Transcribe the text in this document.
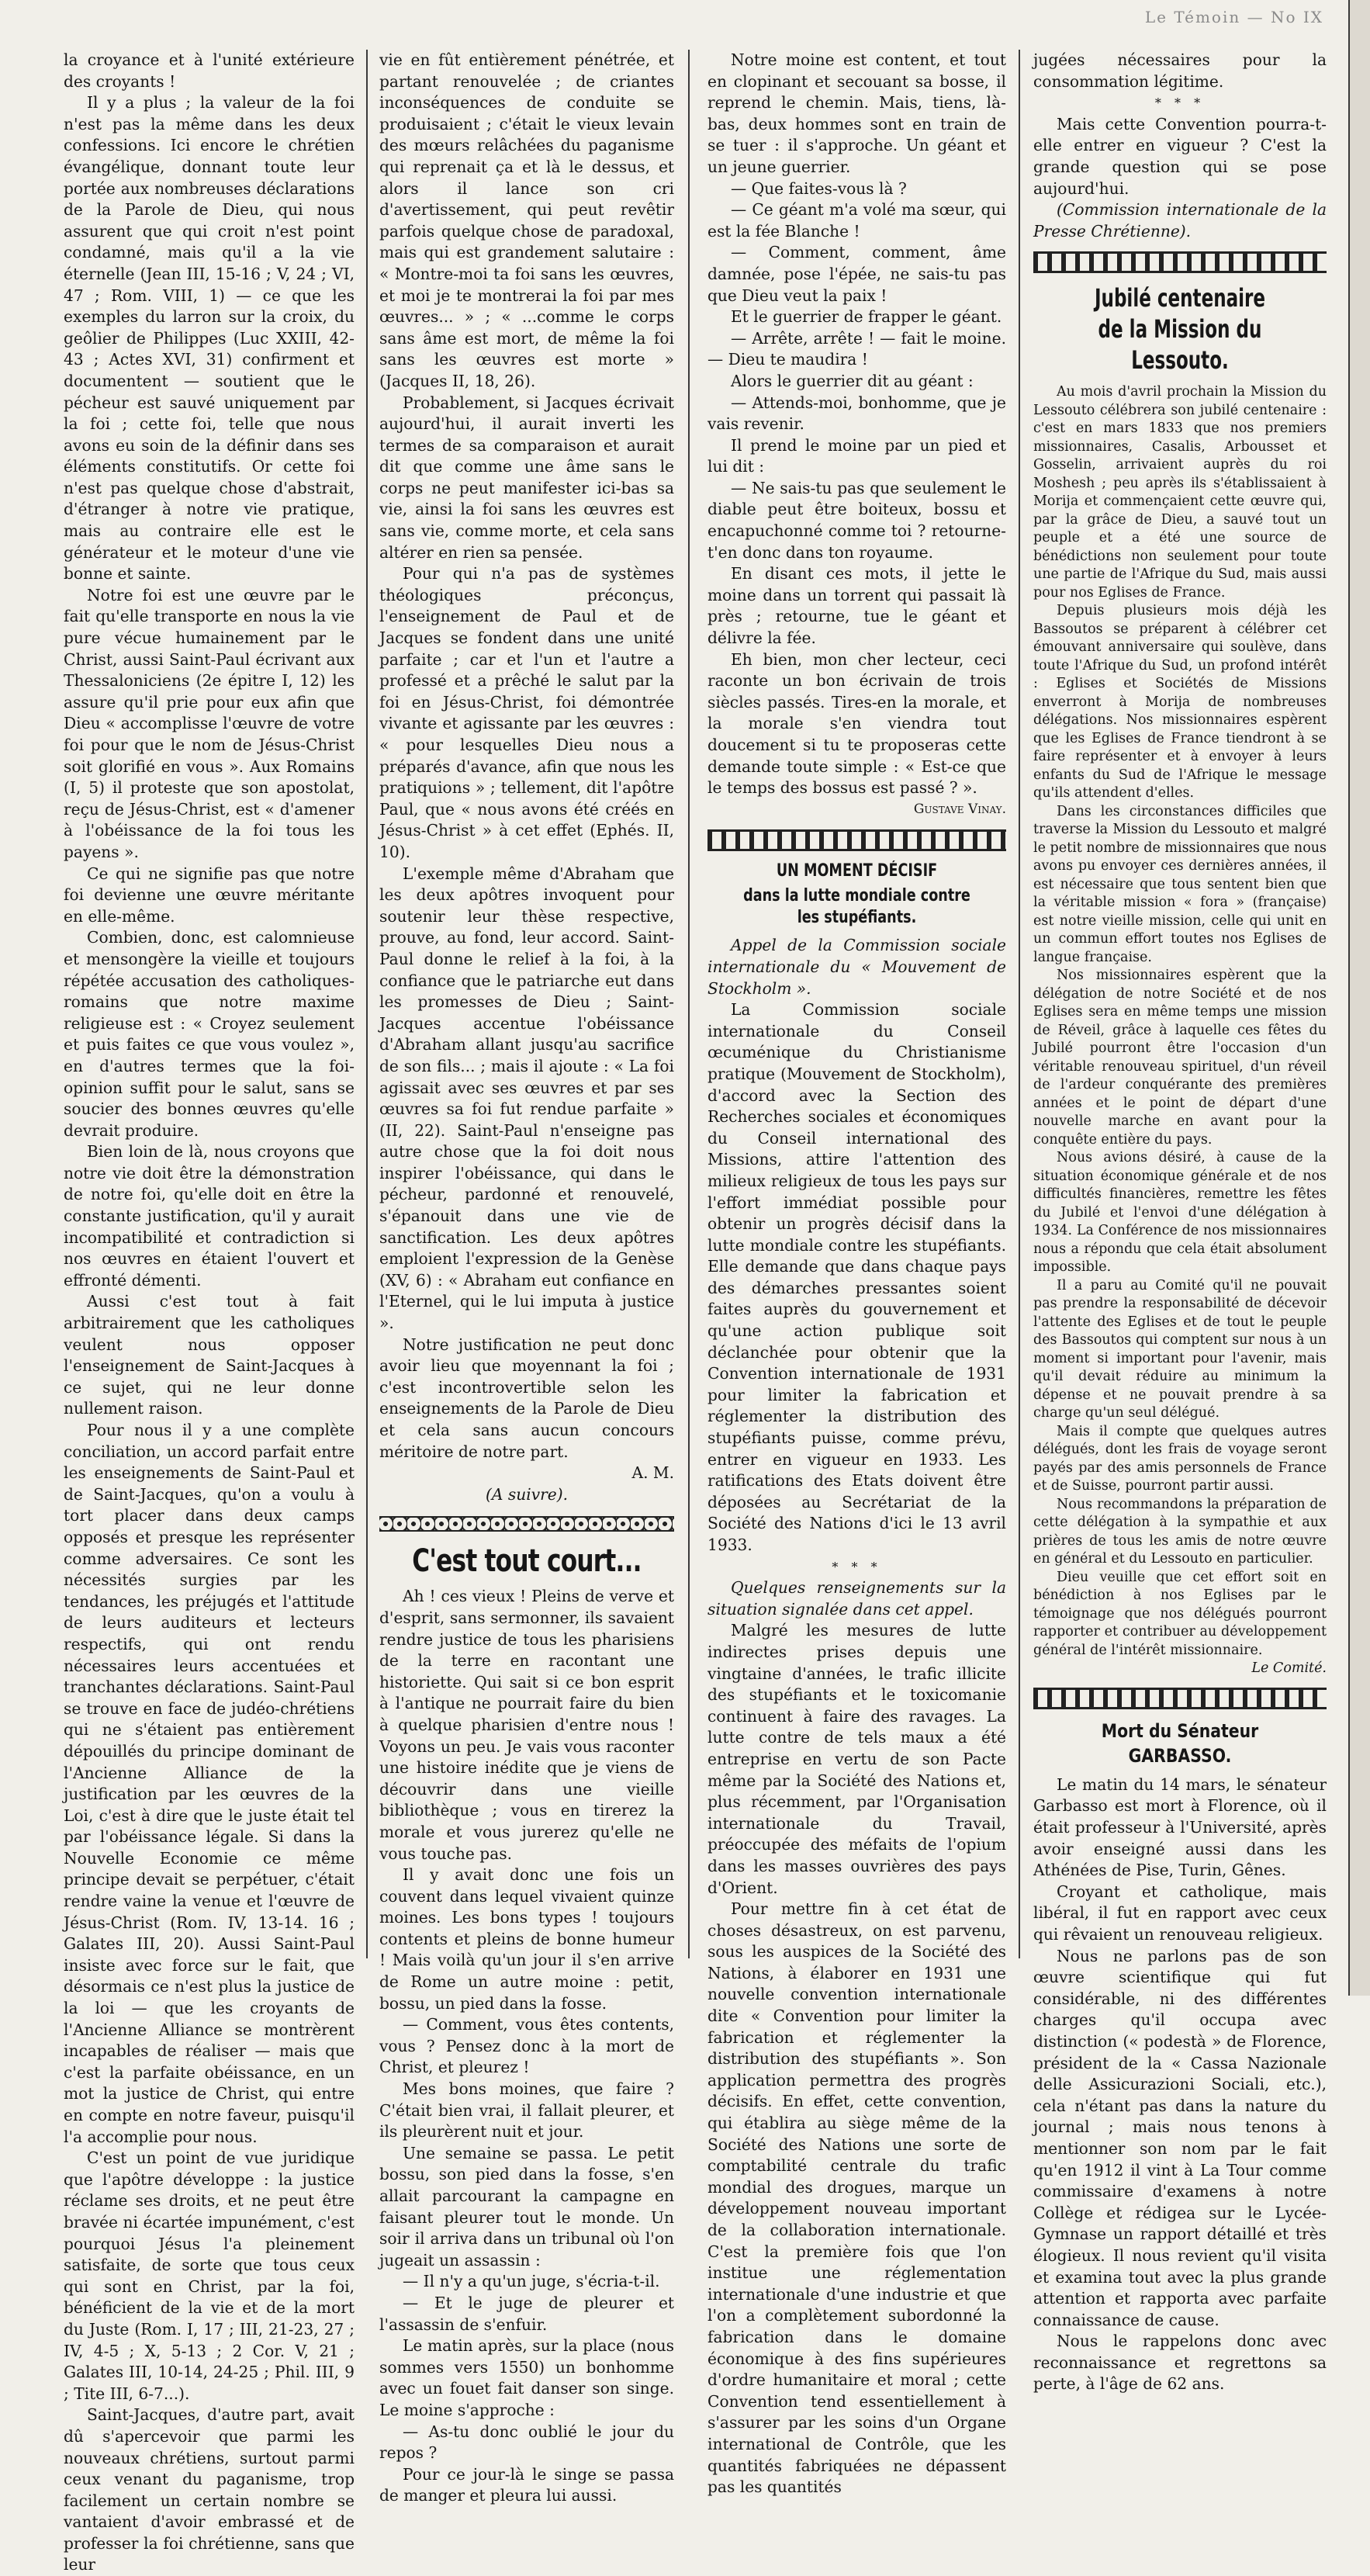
Le Témoin — No IX

la croyance et à l'unité extérieure des croyants !

Il y a plus ; la valeur de la foi n'est pas la même dans les deux confessions. Ici encore le chrétien évangélique, donnant toute leur portée aux nombreuses déclarations de la Parole de Dieu, qui nous assurent que qui croit n'est point condamné, mais qu'il a la vie éternelle (Jean III, 15-16 ; V, 24 ; VI, 47 ; Rom. VIII, 1) — ce que les exemples du larron sur la croix, du geôlier de Philippes (Luc XXIII, 42-43 ; Actes XVI, 31) confirment et documentent — soutient que le pécheur est sauvé uniquement par la foi ; cette foi, telle que nous avons eu soin de la définir dans ses éléments constitutifs. Or cette foi n'est pas quelque chose d'abstrait, d'étranger à notre vie pratique, mais au contraire elle est le générateur et le moteur d'une vie bonne et sainte.

Notre foi est une œuvre par le fait qu'elle transporte en nous la vie pure vécue humainement par le Christ, aussi Saint-Paul écrivant aux Thessaloniciens (2e épitre I, 12) les assure qu'il prie pour eux afin que Dieu « accomplisse l'œuvre de votre foi pour que le nom de Jésus-Christ soit glorifié en vous ». Aux Romains (I, 5) il proteste que son apostolat, reçu de Jésus-Christ, est « d'amener à l'obéissance de la foi tous les payens ».

Ce qui ne signifie pas que notre foi devienne une œuvre méritante en elle-même.

Combien, donc, est calomnieuse et mensongère la vieille et toujours répétée accusation des catholiques-romains que notre maxime religieuse est : « Croyez seulement et puis faites ce que vous voulez », en d'autres termes que la foi-opinion suffit pour le salut, sans se soucier des bonnes œuvres qu'elle devrait produire.

Bien loin de là, nous croyons que notre vie doit être la démonstration de notre foi, qu'elle doit en être la constante justification, qu'il y aurait incompatibilité et contradiction si nos œuvres en étaient l'ouvert et effronté démenti.

Aussi c'est tout à fait arbitrairement que les catholiques veulent nous opposer l'enseignement de Saint-Jacques à ce sujet, qui ne leur donne nullement raison.

Pour nous il y a une complète conciliation, un accord parfait entre les enseignements de Saint-Paul et de Saint-Jacques, qu'on a voulu à tort placer dans deux camps opposés et presque les représenter comme adversaires. Ce sont les nécessités surgies par les tendances, les préjugés et l'attitude de leurs auditeurs et lecteurs respectifs, qui ont rendu nécessaires leurs accentuées et tranchantes déclarations. Saint-Paul se trouve en face de judéo-chrétiens qui ne s'étaient pas entièrement dépouillés du principe dominant de l'Ancienne Alliance de la justification par les œuvres de la Loi, c'est à dire que le juste était tel par l'obéissance légale. Si dans la Nouvelle Economie ce même principe devait se perpétuer, c'était rendre vaine la venue et l'œuvre de Jésus-Christ (Rom. IV, 13-14. 16 ; Galates III, 20). Aussi Saint-Paul insiste avec force sur le fait, que désormais ce n'est plus la justice de la loi — que les croyants de l'Ancienne Alliance se montrèrent incapables de réaliser — mais que c'est la parfaite obéissance, en un mot la justice de Christ, qui entre en compte en notre faveur, puisqu'il l'a accomplie pour nous.

C'est un point de vue juridique que l'apôtre développe : la justice réclame ses droits, et ne peut être bravée ni écartée impunément, c'est pourquoi Jésus l'a pleinement satisfaite, de sorte que tous ceux qui sont en Christ, par la foi, bénéficient de la vie et de la mort du Juste (Rom. I, 17 ; III, 21-23, 27 ; IV, 4-5 ; X, 5-13 ; 2 Cor. V, 21 ; Galates III, 10-14, 24-25 ; Phil. III, 9 ; Tite III, 6-7...).

Saint-Jacques, d'autre part, avait dû s'apercevoir que parmi les nouveaux chrétiens, surtout parmi ceux venant du paganisme, trop facilement un certain nombre se vantaient d'avoir embrassé et de professer la foi chrétienne, sans que leur

vie en fût entièrement pénétrée, et partant renouvelée ; de criantes inconséquences de conduite se produisaient ; c'était le vieux levain des mœurs relâchées du paganisme qui reprenait ça et là le dessus, et alors il lance son cri d'avertissement, qui peut revêtir parfois quelque chose de paradoxal, mais qui est grandement salutaire : « Montre-moi ta foi sans les œuvres, et moi je te montrerai la foi par mes œuvres... » ; « ...comme le corps sans âme est mort, de même la foi sans les œuvres est morte » (Jacques II, 18, 26).

Probablement, si Jacques écrivait aujourd'hui, il aurait inverti les termes de sa comparaison et aurait dit que comme une âme sans le corps ne peut manifester ici-bas sa vie, ainsi la foi sans les œuvres est sans vie, comme morte, et cela sans altérer en rien sa pensée.

Pour qui n'a pas de systèmes théologiques préconçus, l'enseignement de Paul et de Jacques se fondent dans une unité parfaite ; car et l'un et l'autre a professé et a prêché le salut par la foi en Jésus-Christ, foi démontrée vivante et agissante par les œuvres : « pour lesquelles Dieu nous a préparés d'avance, afin que nous les pratiquions » ; tellement, dit l'apôtre Paul, que « nous avons été créés en Jésus-Christ » à cet effet (Ephés. II, 10).

L'exemple même d'Abraham que les deux apôtres invoquent pour soutenir leur thèse respective, prouve, au fond, leur accord. Saint-Paul donne le relief à la foi, à la confiance que le patriarche eut dans les promesses de Dieu ; Saint-Jacques accentue l'obéissance d'Abraham allant jusqu'au sacrifice de son fils... ; mais il ajoute : « La foi agissait avec ses œuvres et par ses œuvres sa foi fut rendue parfaite » (II, 22). Saint-Paul n'enseigne pas autre chose que la foi doit nous inspirer l'obéissance, qui dans le pécheur, pardonné et renouvelé, s'épanouit dans une vie de sanctification. Les deux apôtres emploient l'expression de la Genèse (XV, 6) : « Abraham eut confiance en l'Eternel, qui le lui imputa à justice ».

Notre justification ne peut donc avoir lieu que moyennant la foi ; c'est incontrovertible selon les enseignements de la Parole de Dieu et cela sans aucun concours méritoire de notre part.

A. M.

(A suivre).

C'est tout court...

Ah ! ces vieux ! Pleins de verve et d'esprit, sans sermonner, ils savaient rendre justice de tous les pharisiens de la terre en racontant une historiette. Qui sait si ce bon esprit à l'antique ne pourrait faire du bien à quelque pharisien d'entre nous ! Voyons un peu. Je vais vous raconter une histoire inédite que je viens de découvrir dans une vieille bibliothèque ; vous en tirerez la morale et vous jurerez qu'elle ne vous touche pas.

Il y avait donc une fois un couvent dans lequel vivaient quinze moines. Les bons types ! toujours contents et pleins de bonne humeur ! Mais voilà qu'un jour il s'en arrive de Rome un autre moine : petit, bossu, un pied dans la fosse.

— Comment, vous êtes contents, vous ? Pensez donc à la mort de Christ, et pleurez !

Mes bons moines, que faire ? C'était bien vrai, il fallait pleurer, et ils pleurèrent nuit et jour.

Une semaine se passa. Le petit bossu, son pied dans la fosse, s'en allait parcourant la campagne en faisant pleurer tout le monde. Un soir il arriva dans un tribunal où l'on jugeait un assassin :

— Il n'y a qu'un juge, s'écria-t-il.

— Et le juge de pleurer et l'assassin de s'enfuir.

Le matin après, sur la place (nous sommes vers 1550) un bonhomme avec un fouet fait danser son singe. Le moine s'approche :

— As-tu donc oublié le jour du repos ?

Pour ce jour-là le singe se passa de manger et pleura lui aussi.

Notre moine est content, et tout en clopinant et secouant sa bosse, il reprend le chemin. Mais, tiens, là-bas, deux hommes sont en train de se tuer : il s'approche. Un géant et un jeune guerrier.

— Que faites-vous là ?

— Ce géant m'a volé ma sœur, qui est la fée Blanche !

— Comment, comment, âme damnée, pose l'épée, ne sais-tu pas que Dieu veut la paix !

Et le guerrier de frapper le géant.

— Arrête, arrête ! — fait le moine. — Dieu te maudira !

Alors le guerrier dit au géant :

— Attends-moi, bonhomme, que je vais revenir.

Il prend le moine par un pied et lui dit :

— Ne sais-tu pas que seulement le diable peut être boiteux, bossu et encapuchonné comme toi ? retourne-t'en donc dans ton royaume.

En disant ces mots, il jette le moine dans un torrent qui passait là près ; retourne, tue le géant et délivre la fée.

Eh bien, mon cher lecteur, ceci raconte un bon écrivain de trois siècles passés. Tires-en la morale, et la morale s'en viendra tout doucement si tu te proposeras cette demande toute simple : « Est-ce que le temps des bossus est passé ? ».

Gustave Vinay.

UN MOMENT DÉCISIF
dans la lutte mondiale contre les stupéfiants.

Appel de la Commission sociale internationale du « Mouvement de Stockholm ».

La Commission sociale internationale du Conseil œcuménique du Christianisme pratique (Mouvement de Stockholm), d'accord avec la Section des Recherches sociales et économiques du Conseil international des Missions, attire l'attention des milieux religieux de tous les pays sur l'effort immédiat possible pour obtenir un progrès décisif dans la lutte mondiale contre les stupéfiants. Elle demande que dans chaque pays des démarches pressantes soient faites auprès du gouvernement et qu'une action publique soit déclanchée pour obtenir que la Convention internationale de 1931 pour limiter la fabrication et réglementer la distribution des stupéfiants puisse, comme prévu, entrer en vigueur en 1933. Les ratifications des Etats doivent être déposées au Secrétariat de la Société des Nations d'ici le 13 avril 1933.

* * *

Quelques renseignements sur la situation signalée dans cet appel.

Malgré les mesures de lutte indirectes prises depuis une vingtaine d'années, le trafic illicite des stupéfiants et le toxicomanie continuent à faire des ravages. La lutte contre de tels maux a été entreprise en vertu de son Pacte même par la Société des Nations et, plus récemment, par l'Organisation internationale du Travail, préoccupée des méfaits de l'opium dans les masses ouvrières des pays d'Orient.

Pour mettre fin à cet état de choses désastreux, on est parvenu, sous les auspices de la Société des Nations, à élaborer en 1931 une nouvelle convention internationale dite « Convention pour limiter la fabrication et réglementer la distribution des stupéfiants ». Son application permettra des progrès décisifs. En effet, cette convention, qui établira au siège même de la Société des Nations une sorte de comptabilité centrale du trafic mondial des drogues, marque un développement nouveau important de la collaboration internationale. C'est la première fois que l'on institue une réglementation internationale d'une industrie et que l'on a complètement subordonné la fabrication dans le domaine économique à des fins supérieures d'ordre humanitaire et moral ; cette Convention tend essentiellement à s'assurer par les soins d'un Organe international de Contrôle, que les quantités fabriquées ne dépassent pas les quantités

jugées nécessaires pour la consommation légitime.

* * *

Mais cette Convention pourra-t-elle entrer en vigueur ? C'est la grande question qui se pose aujourd'hui.

(Commission internationale de la Presse Chrétienne).

Jubilé centenaire
de la Mission du Lessouto.

Au mois d'avril prochain la Mission du Lessouto célébrera son jubilé centenaire : c'est en mars 1833 que nos premiers missionnaires, Casalis, Arbousset et Gosselin, arrivaient auprès du roi Moshesh ; peu après ils s'établissaient à Morija et commençaient cette œuvre qui, par la grâce de Dieu, a sauvé tout un peuple et a été une source de bénédictions non seulement pour toute une partie de l'Afrique du Sud, mais aussi pour nos Eglises de France.

Depuis plusieurs mois déjà les Bassoutos se préparent à célébrer cet émouvant anniversaire qui soulève, dans toute l'Afrique du Sud, un profond intérêt : Eglises et Sociétés de Missions enverront à Morija de nombreuses délégations. Nos missionnaires espèrent que les Eglises de France tiendront à se faire représenter et à envoyer à leurs enfants du Sud de l'Afrique le message qu'ils attendent d'elles.

Dans les circonstances difficiles que traverse la Mission du Lessouto et malgré le petit nombre de missionnaires que nous avons pu envoyer ces dernières années, il est nécessaire que tous sentent bien que la véritable mission « fora » (française) est notre vieille mission, celle qui unit en un commun effort toutes nos Eglises de langue française.

Nos missionnaires espèrent que la délégation de notre Société et de nos Eglises sera en même temps une mission de Réveil, grâce à laquelle ces fêtes du Jubilé pourront être l'occasion d'un véritable renouveau spirituel, d'un réveil de l'ardeur conquérante des premières années et le point de départ d'une nouvelle marche en avant pour la conquête entière du pays.

Nous avions désiré, à cause de la situation économique générale et de nos difficultés financières, remettre les fêtes du Jubilé et l'envoi d'une délégation à 1934. La Conférence de nos missionnaires nous a répondu que cela était absolument impossible.

Il a paru au Comité qu'il ne pouvait pas prendre la responsabilité de décevoir l'attente des Eglises et de tout le peuple des Bassoutos qui comptent sur nous à un moment si important pour l'avenir, mais qu'il devait réduire au minimum la dépense et ne pouvait prendre à sa charge qu'un seul délégué.

Mais il compte que quelques autres délégués, dont les frais de voyage seront payés par des amis personnels de France et de Suisse, pourront partir aussi.

Nous recommandons la préparation de cette délégation à la sympathie et aux prières de tous les amis de notre œuvre en général et du Lessouto en particulier.

Dieu veuille que cet effort soit en bénédiction à nos Eglises par le témoignage que nos délégués pourront rapporter et contribuer au développement général de l'intérêt missionnaire.

Le Comité.

Mort du Sénateur GARBASSO.

Le matin du 14 mars, le sénateur Garbasso est mort à Florence, où il était professeur à l'Université, après avoir enseigné aussi dans les Athénées de Pise, Turin, Gênes.

Croyant et catholique, mais libéral, il fut en rapport avec ceux qui rêvaient un renouveau religieux.

Nous ne parlons pas de son œuvre scientifique qui fut considérable, ni des différentes charges qu'il occupa avec distinction (« podestà » de Florence, président de la « Cassa Nazionale delle Assicurazioni Sociali, etc.), cela n'étant pas dans la nature du journal ; mais nous tenons à mentionner son nom par le fait qu'en 1912 il vint à La Tour comme commissaire d'examens à notre Collège et rédigea sur le Lycée-Gymnase un rapport détaillé et très élogieux. Il nous revient qu'il visita et examina tout avec la plus grande attention et rapporta avec parfaite connaissance de cause.

Nous le rappelons donc avec reconnaissance et regrettons sa perte, à l'âge de 62 ans.
